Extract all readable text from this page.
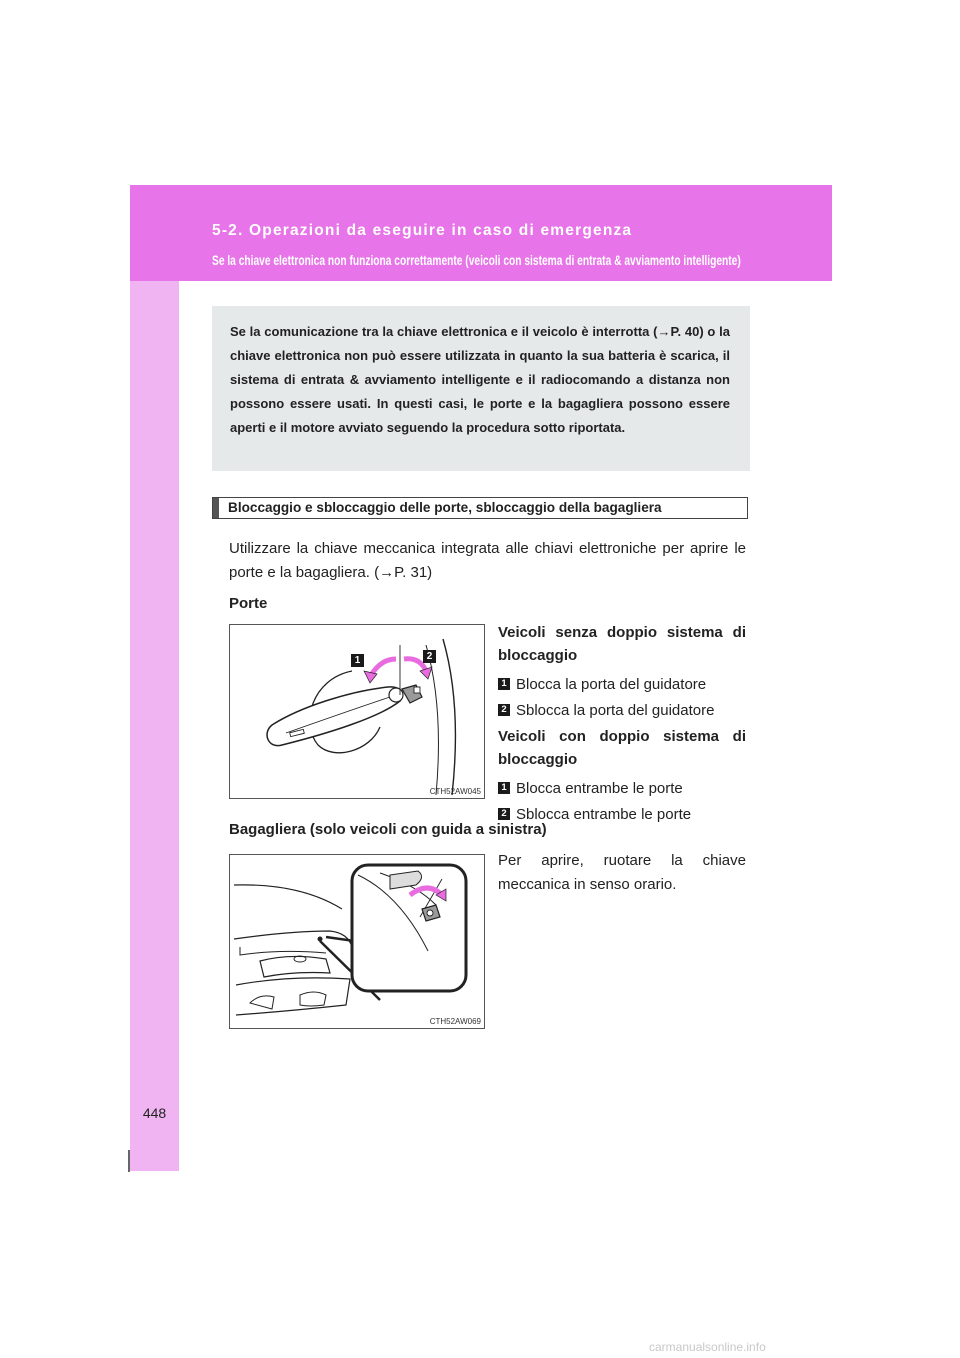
5-2. Operazioni da eseguire in caso di emergenza
Se la chiave elettronica non funziona correttamente (veicoli con sistema di entrata & avviamento intelligente)

Se la comunicazione tra la chiave elettronica e il veicolo è interrotta (→P. 40) o la chiave elettronica non può essere utilizzata in quanto la sua batteria è scarica, il sistema di entrata & avviamento intelligente e il radiocomando a distanza non possono essere usati. In questi casi, le porte e la bagagliera possono essere aperti e il motore avviato seguendo la procedura sotto riportata.

Bloccaggio e sbloccaggio delle porte, sbloccaggio della bagagliera

Utilizzare la chiave meccanica integrata alle chiavi elettroniche per aprire le porte e la bagagliera. (→P. 31)

Porte

1	2
CTH52AW045

Veicoli senza doppio sistema di bloccaggio

1 Blocca la porta del guidatore
2 Sblocca la porta del guidatore

Veicoli con doppio sistema di bloccaggio

1 Blocca entrambe le porte
2 Sblocca entrambe le porte

Bagagliera (solo veicoli con guida a sinistra)

CTH52AW069

Per aprire, ruotare la chiave meccanica in senso orario.

448
carmanualsonline.info
